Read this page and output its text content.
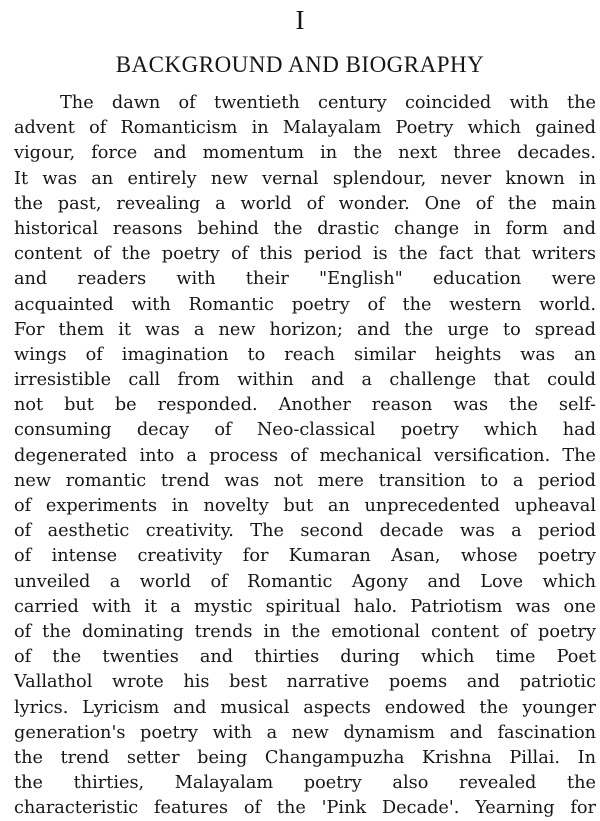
I
BACKGROUND AND BIOGRAPHY
The dawn of twentieth century coincided with the
advent of Romanticism in Malayalam Poetry which gained
vigour, force and momentum in the next three decades.
It was an entirely new vernal splendour, never known in
the past, revealing a world of wonder. One of the main
historical reasons behind the drastic change in form and
content of the poetry of this period is the fact that writers
and readers with their "English" education were
acquainted with Romantic poetry of the western world.
For them it was a new horizon; and the urge to spread
wings of imagination to reach similar heights was an
irresistible call from within and a challenge that could
not but be responded. Another reason was the self-
consuming decay of Neo-classical poetry which had
degenerated into a process of mechanical versification. The
new romantic trend was not mere transition to a period
of experiments in novelty but an unprecedented upheaval
of aesthetic creativity. The second decade was a period
of intense creativity for Kumaran Asan, whose poetry
unveiled a world of Romantic Agony and Love which
carried with it a mystic spiritual halo. Patriotism was one
of the dominating trends in the emotional content of poetry
of the twenties and thirties during which time Poet
Vallathol wrote his best narrative poems and patriotic
lyrics. Lyricism and musical aspects endowed the younger
generation's poetry with a new dynamism and fascination
the trend setter being Changampuzha Krishna Pillai. In
the thirties, Malayalam poetry also revealed the
characteristic features of the 'Pink Decade'. Yearning for
